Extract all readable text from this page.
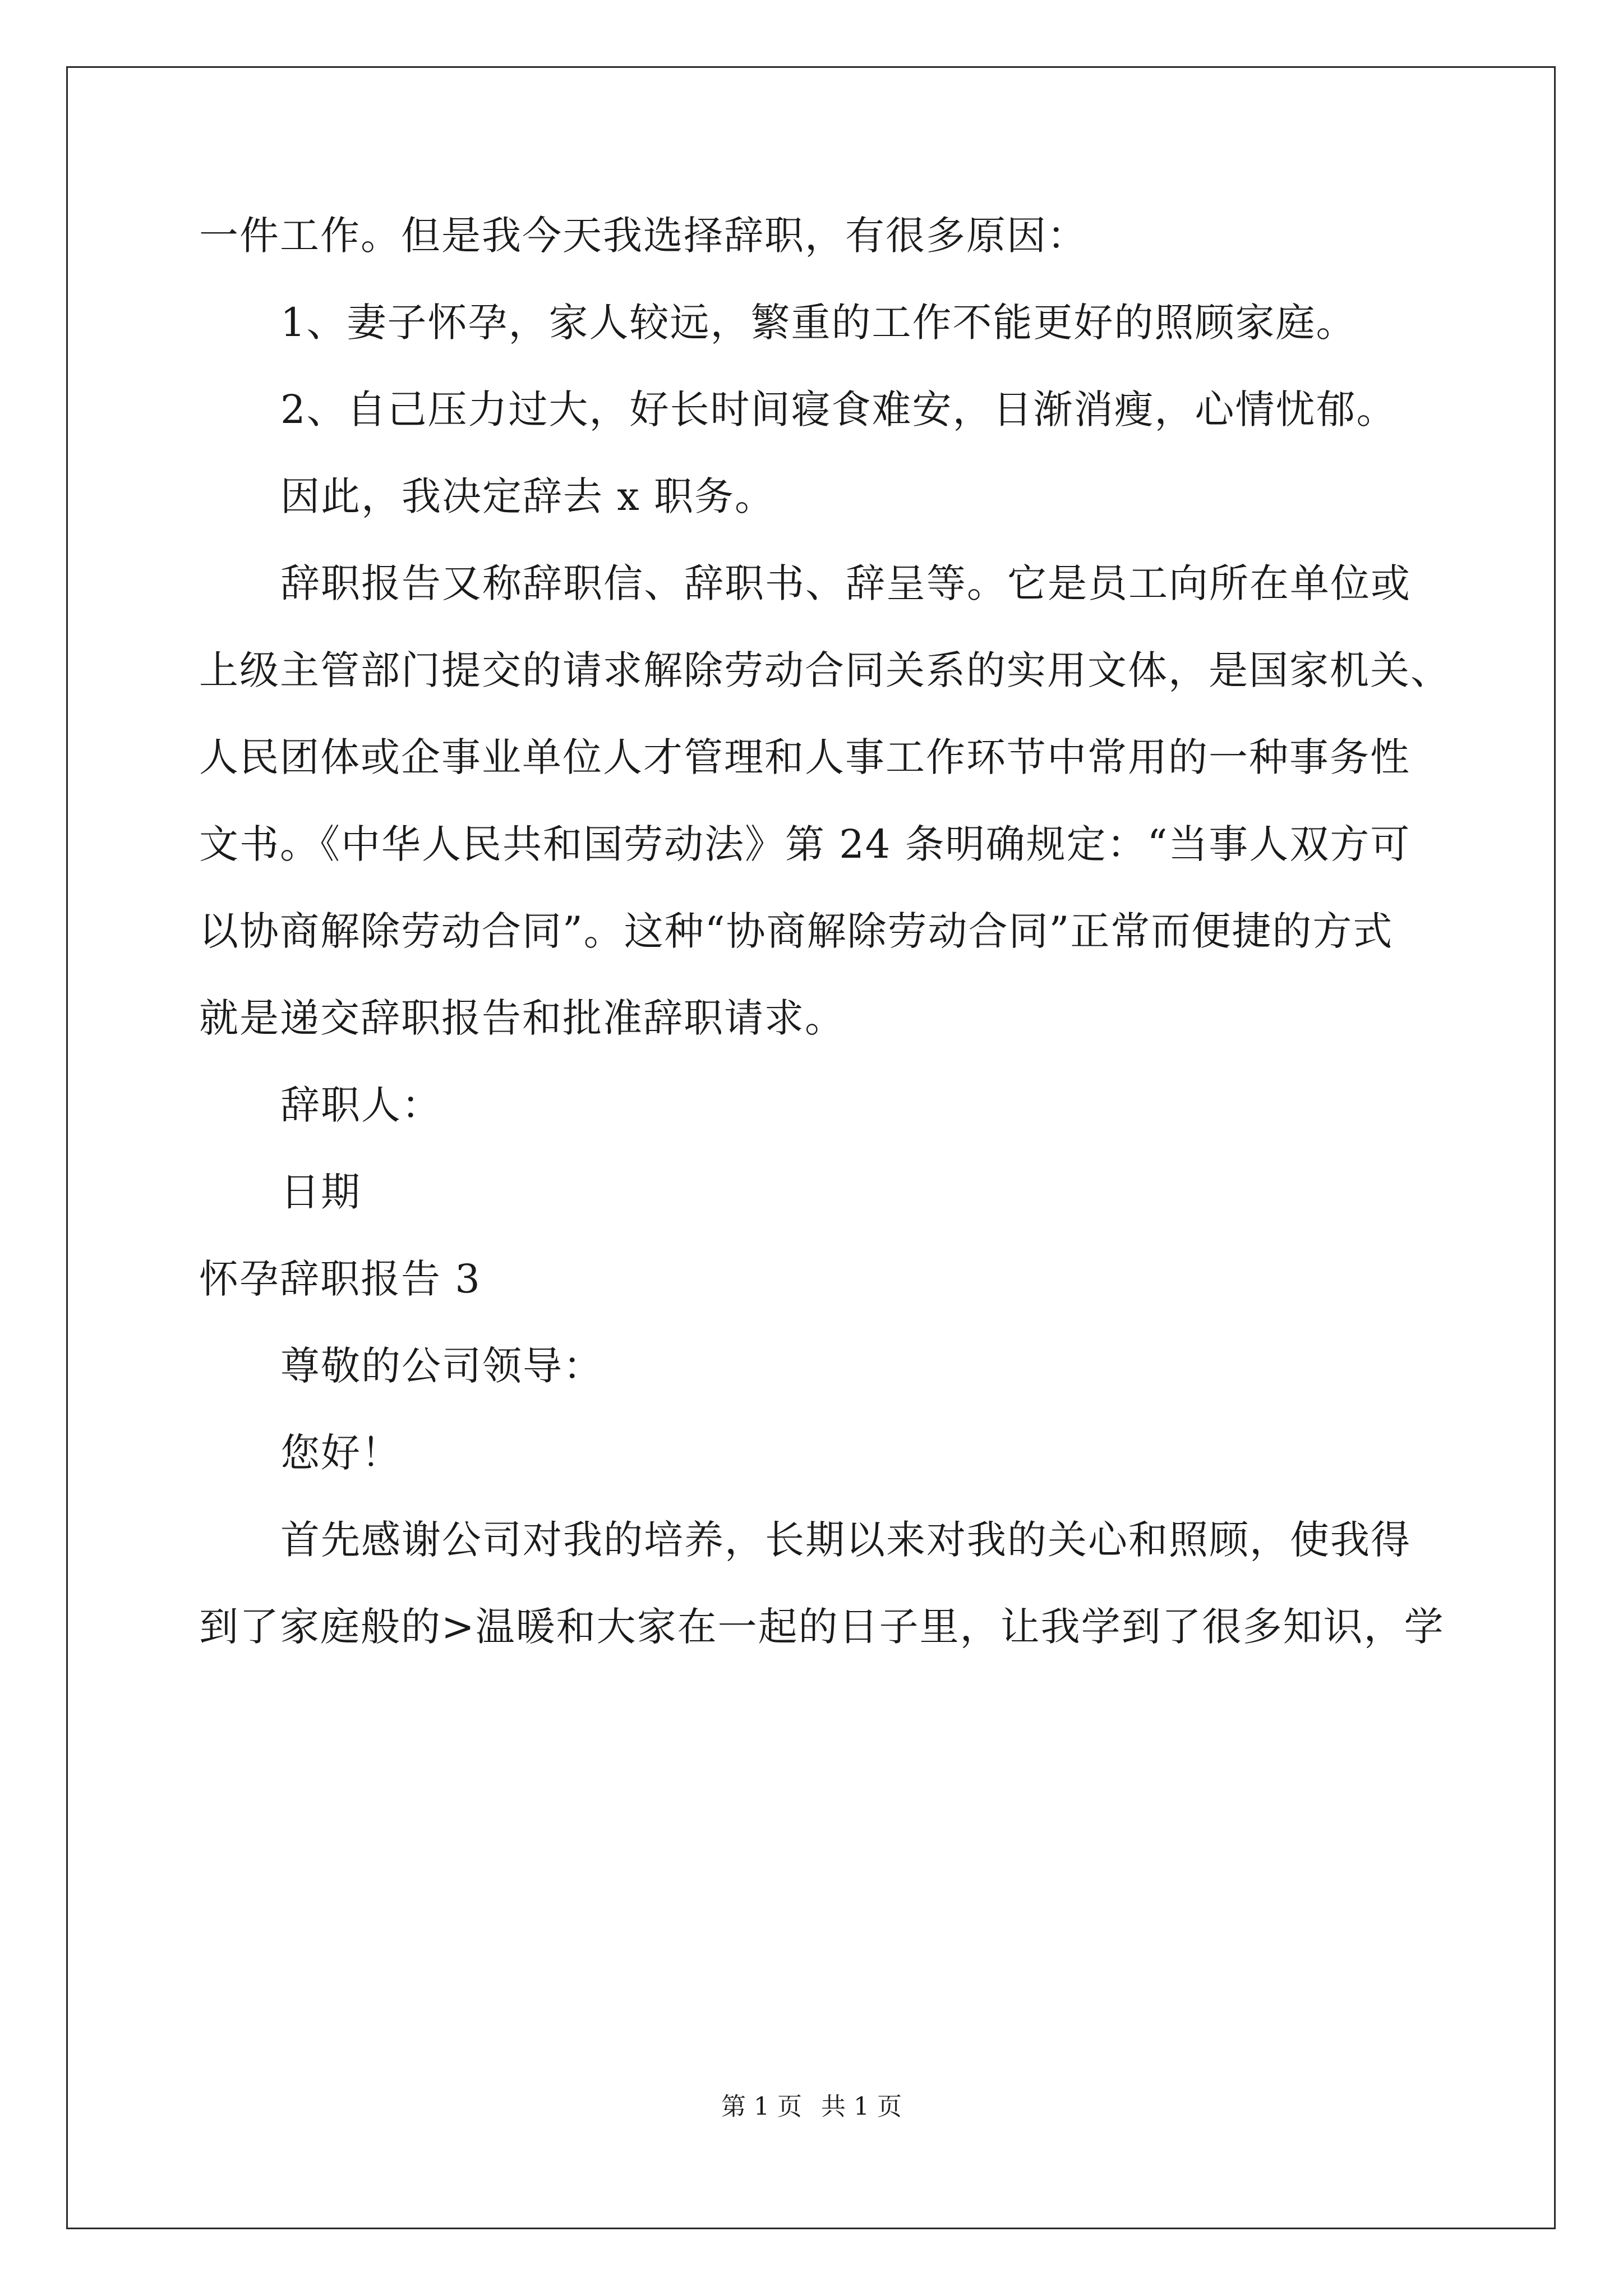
一件工作。但是我今天我选择辞职，有很多原因：
1、妻子怀孕，家人较远，繁重的工作不能更好的照顾家庭。
2、自己压力过大，好长时间寝食难安，日渐消瘦，心情忧郁。
因此，我决定辞去 x 职务。
辞职报告又称辞职信、辞职书、辞呈等。它是员工向所在单位或
上级主管部门提交的请求解除劳动合同关系的实用文体，是国家机关、
人民团体或企事业单位人才管理和人事工作环节中常用的一种事务性
文书。《中华人民共和国劳动法》第 24 条明确规定：“当事人双方可
以协商解除劳动合同”。这种“协商解除劳动合同”正常而便捷的方式
就是递交辞职报告和批准辞职请求。
辞职人：
日期
怀孕辞职报告 3
尊敬的公司领导：
您好！
首先感谢公司对我的培养，长期以来对我的关心和照顾，使我得
到了家庭般的>温暖和大家在一起的日子里，让我学到了很多知识，学
第 1 页 共 1 页
